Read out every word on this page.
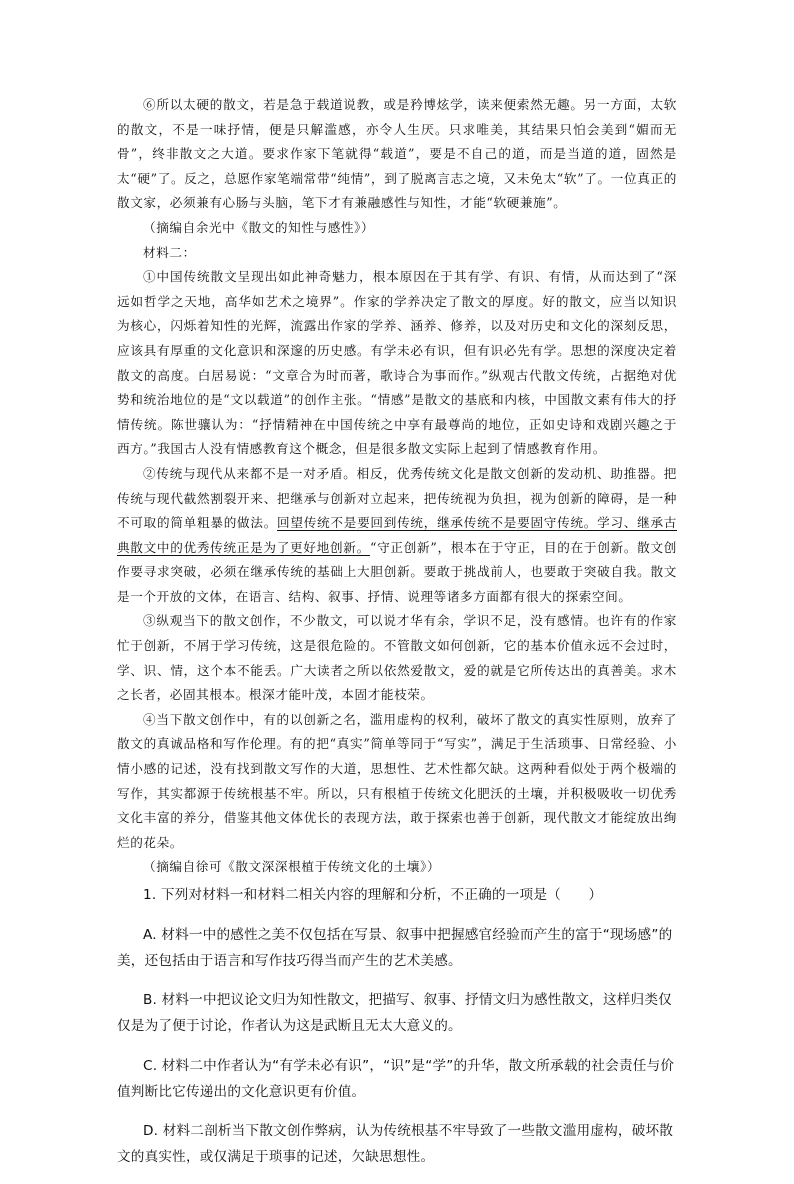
⑥所以太硬的散文，若是急于载道说教，或是矜博炫学，读来便索然无趣。另一方面，太软的散文，不是一味抒情，便是只解滥感，亦令人生厌。只求唯美，其结果只怕会美到“媚而无骨”，终非散文之大道。要求作家下笔就得“载道”，要是不自己的道，而是当道的道，固然是太“硬”了。反之，总愿作家笔端常带“纯情”，到了脱离言志之境，又未免太“软”了。一位真正的散文家，必须兼有心肠与头脑，笔下才有兼融感性与知性，才能“软硬兼施”。

（摘编自余光中《散文的知性与感性》）

材料二：

①中国传统散文呈现出如此神奇魅力，根本原因在于其有学、有识、有情，从而达到了“深远如哲学之天地，高华如艺术之境界”。作家的学养决定了散文的厚度。好的散文，应当以知识为核心，闪烁着知性的光辉，流露出作家的学养、涵养、修养，以及对历史和文化的深刻反思，应该具有厚重的文化意识和深邃的历史感。有学未必有识，但有识必先有学。思想的深度决定着散文的高度。白居易说：“文章合为时而著，歌诗合为事而作。”纵观古代散文传统，占据绝对优势和统治地位的是“文以载道”的创作主张。“情感”是散文的基底和内核，中国散文素有伟大的抒情传统。陈世骧认为：“抒情精神在中国传统之中享有最尊尚的地位，正如史诗和戏剧兴趣之于西方。”我国古人没有情感教育这个概念，但是很多散文实际上起到了情感教育作用。

②传统与现代从来都不是一对矛盾。相反，优秀传统文化是散文创新的发动机、助推器。把传统与现代截然割裂开来、把继承与创新对立起来，把传统视为负担，视为创新的障碍，是一种不可取的简单粗暴的做法。回望传统不是要回到传统，继承传统不是要固守传统。学习、继承古典散文中的优秀传统正是为了更好地创新。“守正创新”，根本在于守正，目的在于创新。散文创作要寻求突破，必须在继承传统的基础上大胆创新。要敢于挑战前人，也要敢于突破自我。散文是一个开放的文体，在语言、结构、叙事、抒情、说理等诸多方面都有很大的探索空间。

③纵观当下的散文创作，不少散文，可以说才华有余，学识不足，没有感情。也许有的作家忙于创新，不屑于学习传统，这是很危险的。不管散文如何创新，它的基本价值永远不会过时，学、识、情，这个本不能丢。广大读者之所以依然爱散文，爱的就是它所传达出的真善美。求木之长者，必固其根本。根深才能叶茂，本固才能枝荣。

④当下散文创作中，有的以创新之名，滥用虚构的权利，破坏了散文的真实性原则，放弃了散文的真诚品格和写作伦理。有的把“真实”简单等同于“写实”，满足于生活琐事、日常经验、小情小感的记述，没有找到散文写作的大道，思想性、艺术性都欠缺。这两种看似处于两个极端的写作，其实都源于传统根基不牢。所以，只有根植于传统文化肥沃的土壤，并积极吸收一切优秀文化丰富的养分，借鉴其他文体优长的表现方法，敢于探索也善于创新，现代散文才能绽放出绚烂的花朵。

（摘编自徐可《散文深深根植于传统文化的土壤》）

1. 下列对材料一和材料二相关内容的理解和分析，不正确的一项是（　　）

A. 材料一中的感性之美不仅包括在写景、叙事中把握感官经验而产生的富于“现场感”的美，还包括由于语言和写作技巧得当而产生的艺术美感。

B. 材料一中把议论文归为知性散文，把描写、叙事、抒情文归为感性散文，这样归类仅仅是为了便于讨论，作者认为这是武断且无太大意义的。

C. 材料二中作者认为“有学未必有识”，“识”是“学”的升华，散文所承载的社会责任与价值判断比它传递出的文化意识更有价值。

D. 材料二剖析当下散文创作弊病，认为传统根基不牢导致了一些散文滥用虚构，破坏散文的真实性，或仅满足于琐事的记述，欠缺思想性。
